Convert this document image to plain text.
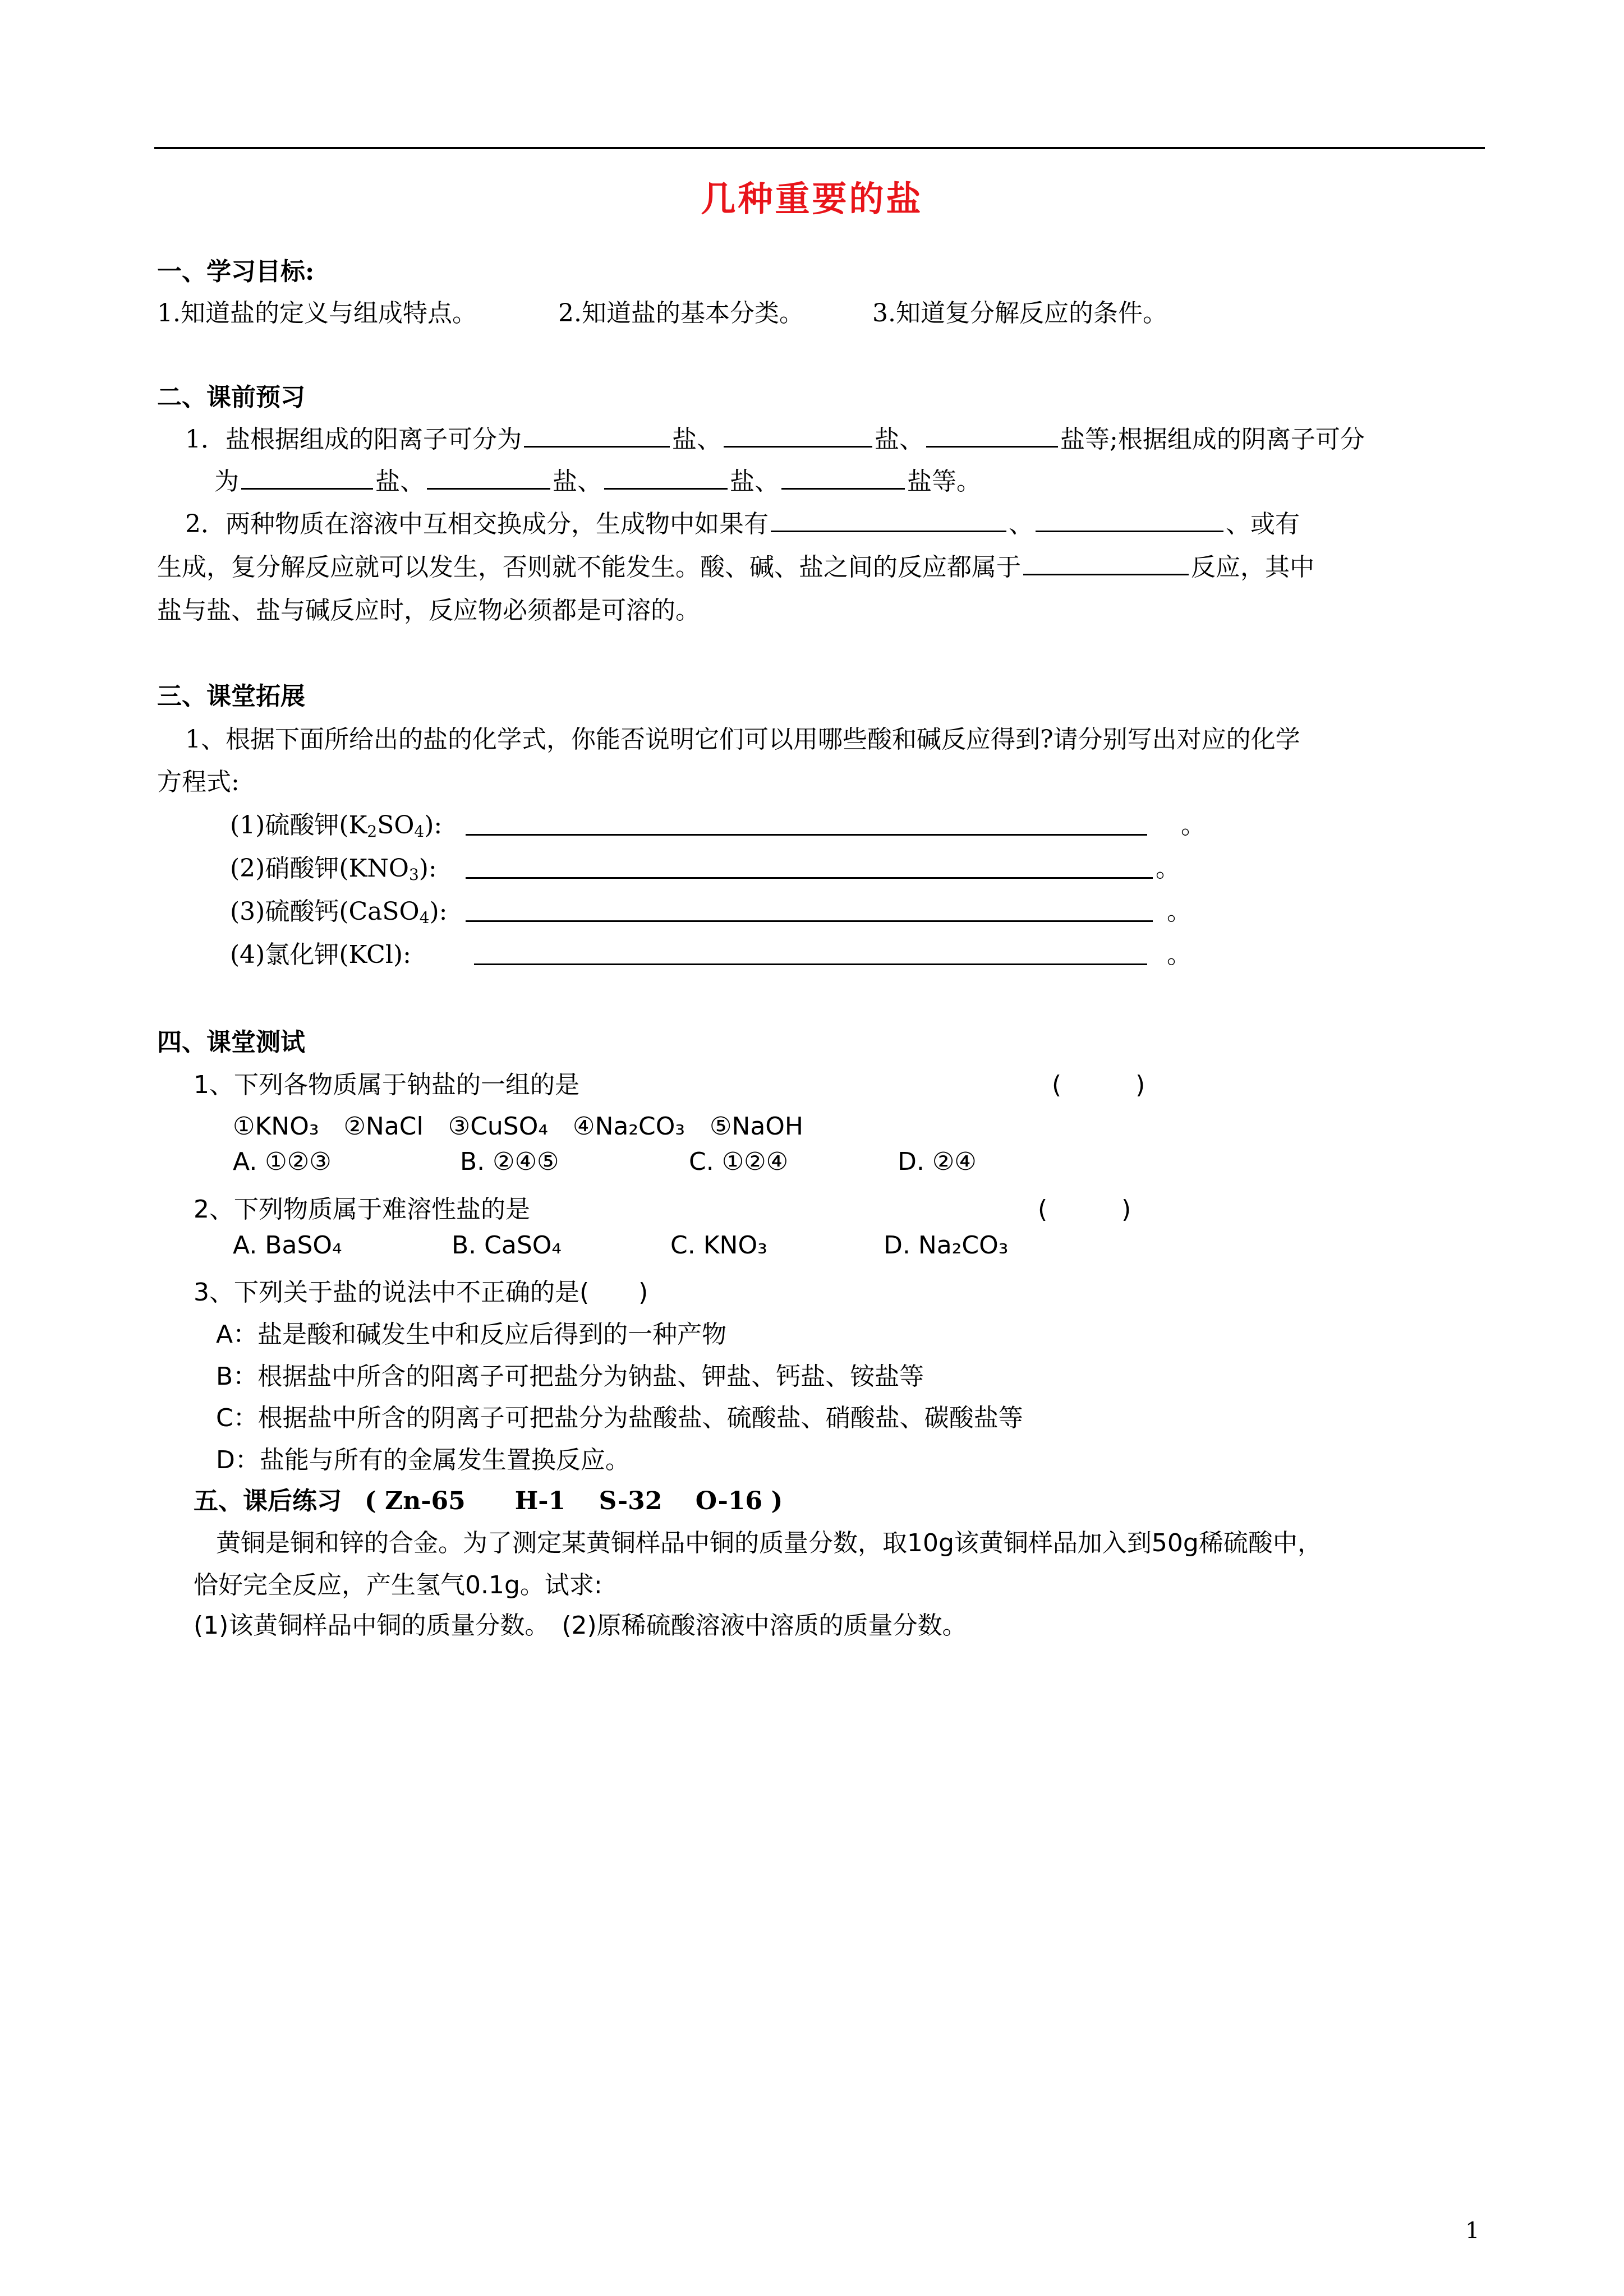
几种重要的盐
一、学习目标:
1.知道盐的定义与组成特点。	2.知道盐的基本分类。	3.知道复分解反应的条件。
二、课前预习
1．盐根据组成的阳离子可分为	盐、	盐、	盐等;根据组成的阴离子可分
为	盐、	盐、	盐、	盐等。
2．两种物质在溶液中互相交换成分，生成物中如果有	、	、或有
生成，复分解反应就可以发生，否则就不能发生。酸、碱、盐之间的反应都属于	反应，其中
盐与盐、盐与碱反应时，反应物必须都是可溶的。
三、课堂拓展
1、根据下面所给出的盐的化学式，你能否说明它们可以用哪些酸和碱反应得到?请分别写出对应的化学
方程式:
(1)硫酸钾$(K_2SO_4)$:	。
(2)硝酸钾$(KNO_3)$:	。
(3)硫酸钙(CaSO$_4$):	。
(4)氯化钾(KCl):	。
四、课堂测试
1、下列各物质属于钠盐的一组的是	(　　　)
①KNO₃　②NaCl　③CuSO₄　④Na₂CO₃　⑤NaOH
A. ①②③	B. ②④⑤	C. ①②④	D. ②④
2、下列物质属于难溶性盐的是	(　　　)
A. BaSO₄	B. CaSO₄	C. KNO₃	D. Na₂CO₃
3、下列关于盐的说法中不正确的是(　　)
A：盐是酸和碱发生中和反应后得到的一种产物
B：根据盐中所含的阳离子可把盐分为钠盐、钾盐、钙盐、铵盐等
C：根据盐中所含的阴离子可把盐分为盐酸盐、硫酸盐、硝酸盐、碳酸盐等
D：盐能与所有的金属发生置换反应。
五、课后练习 ( Zn-65　　H-1　 S-32　 O-16 )
黄铜是铜和锌的合金。为了测定某黄铜样品中铜的质量分数，取10g该黄铜样品加入到50g稀硫酸中，
恰好完全反应，产生氢气0.1g。试求:
(1)该黄铜样品中铜的质量分数。　(2)原稀硫酸溶液中溶质的质量分数。
1
